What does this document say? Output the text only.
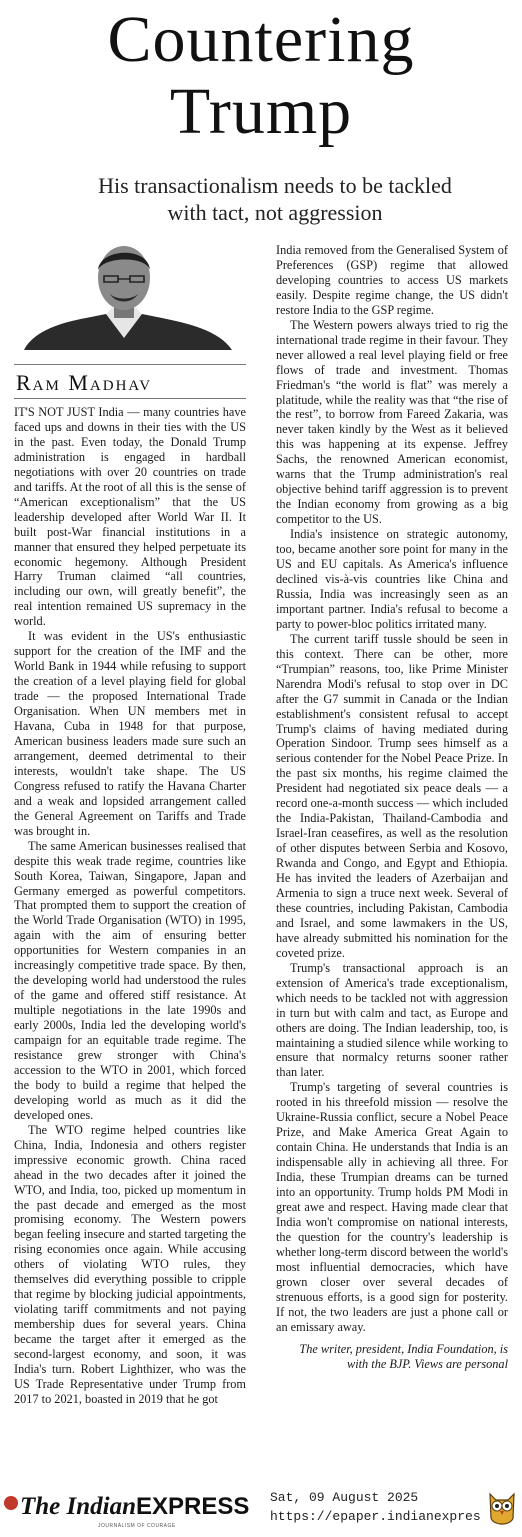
Countering
Trump
His transactionalism needs to be tackled
with tact, not aggression
Ram Madhav

IT'S NOT JUST India — many countries have faced ups and downs in their ties with the US in the past. Even today, the Donald Trump administration is engaged in hardball negotiations with over 20 countries on trade and tariffs. At the root of all this is the sense of “American exceptionalism” that the US leadership developed after World War II. It built post-War financial institutions in a manner that ensured they helped perpetuate its economic hegemony. Although President Harry Truman claimed “all countries, including our own, will greatly benefit”, the real intention remained US supremacy in the world.

It was evident in the US's enthusiastic support for the creation of the IMF and the World Bank in 1944 while refusing to support the creation of a level playing field for global trade — the proposed International Trade Organisation. When UN members met in Havana, Cuba in 1948 for that purpose, American business leaders made sure such an arrangement, deemed detrimental to their interests, wouldn't take shape. The US Congress refused to ratify the Havana Charter and a weak and lopsided arrangement called the General Agreement on Tariffs and Trade was brought in.

The same American businesses realised that despite this weak trade regime, countries like South Korea, Taiwan, Singapore, Japan and Germany emerged as powerful competitors. That prompted them to support the creation of the World Trade Organisation (WTO) in 1995, again with the aim of ensuring better opportunities for Western companies in an increasingly competitive trade space. By then, the developing world had understood the rules of the game and offered stiff resistance. At multiple negotiations in the late 1990s and early 2000s, India led the developing world's campaign for an equitable trade regime. The resistance grew stronger with China's accession to the WTO in 2001, which forced the body to build a regime that helped the developing world as much as it did the developed ones.

The WTO regime helped countries like China, India, Indonesia and others register impressive economic growth. China raced ahead in the two decades after it joined the WTO, and India, too, picked up momentum in the past decade and emerged as the most promising economy. The Western powers began feeling insecure and started targeting the rising economies once again. While accusing others of violating WTO rules, they themselves did everything possible to cripple that regime by blocking judicial appointments, violating tariff commitments and not paying membership dues for several years. China became the target after it emerged as the second-largest economy, and soon, it was India's turn. Robert Lighthizer, who was the US Trade Representative under Trump from 2017 to 2021, boasted in 2019 that he got

India removed from the Generalised System of Preferences (GSP) regime that allowed developing countries to access US markets easily. Despite regime change, the US didn't restore India to the GSP regime.

The Western powers always tried to rig the international trade regime in their favour. They never allowed a real level playing field or free flows of trade and investment. Thomas Friedman's “the world is flat” was merely a platitude, while the reality was that “the rise of the rest”, to borrow from Fareed Zakaria, was never taken kindly by the West as it believed this was happening at its expense. Jeffrey Sachs, the renowned American economist, warns that the Trump administration's real objective behind tariff aggression is to prevent the Indian economy from growing as a big competitor to the US.

India's insistence on strategic autonomy, too, became another sore point for many in the US and EU capitals. As America's influence declined vis-à-vis countries like China and Russia, India was increasingly seen as an important partner. India's refusal to become a party to power-bloc politics irritated many.

The current tariff tussle should be seen in this context. There can be other, more “Trumpian” reasons, too, like Prime Minister Narendra Modi's refusal to stop over in DC after the G7 summit in Canada or the Indian establishment's consistent refusal to accept Trump's claims of having mediated during Operation Sindoor. Trump sees himself as a serious contender for the Nobel Peace Prize. In the past six months, his regime claimed the President had negotiated six peace deals — a record one-a-month success — which included the India-Pakistan, Thailand-Cambodia and Israel-Iran ceasefires, as well as the resolution of other disputes between Serbia and Kosovo, Rwanda and Congo, and Egypt and Ethiopia. He has invited the leaders of Azerbaijan and Armenia to sign a truce next week. Several of these countries, including Pakistan, Cambodia and Israel, and some lawmakers in the US, have already submitted his nomination for the coveted prize.

Trump's transactional approach is an extension of America's trade exceptionalism, which needs to be tackled not with aggression in turn but with calm and tact, as Europe and others are doing. The Indian leadership, too, is maintaining a studied silence while working to ensure that normalcy returns sooner rather than later.

Trump's targeting of several countries is rooted in his threefold mission — resolve the Ukraine-Russia conflict, secure a Nobel Peace Prize, and Make America Great Again to contain China. He understands that India is an indispensable ally in achieving all three. For India, these Trumpian dreams can be turned into an opportunity. Trump holds PM Modi in great awe and respect. Having made clear that India won't compromise on national interests, the question for the country's leadership is whether long-term discord between the world's most influential democracies, which have grown closer over several decades of strenuous efforts, is a good sign for posterity. If not, the two leaders are just a phone call or an emissary away.

The writer, president, India Foundation, is
with the BJP. Views are personal
The IndianEXPRESS
JOURNALISM OF COURAGE
Sat, 09 August 2025
https://epaper.indianexpres
